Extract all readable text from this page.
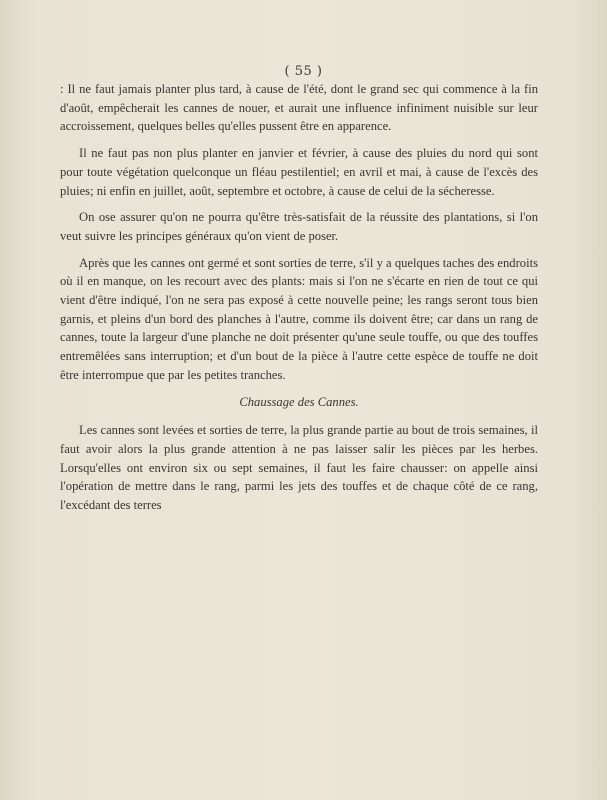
( 55 )

: Il ne faut jamais planter plus tard, à cause de l'été, dont le grand sec qui commence à la fin d'août, empêcherait les cannes de nouer, et aurait une influence infiniment nuisible sur leur accroissement, quelques belles qu'elles pussent être en apparence.

Il ne faut pas non plus planter en janvier et février, à cause des pluies du nord qui sont pour toute végétation quelconque un fléau pestilentiel; en avril et mai, à cause de l'excès des pluies; ni enfin en juillet, août, septembre et octobre, à cause de celui de la sécheresse.

On ose assurer qu'on ne pourra qu'être très-satisfait de la réussite des plantations, si l'on veut suivre les principes généraux qu'on vient de poser.

Après que les cannes ont germé et sont sorties de terre, s'il y a quelques taches des endroits où il en manque, on les recourt avec des plants: mais si l'on ne s'écarte en rien de tout ce qui vient d'être indiqué, l'on ne sera pas exposé à cette nouvelle peine; les rangs seront tous bien garnis, et pleins d'un bord des planches à l'autre, comme ils doivent être; car dans un rang de cannes, toute la largeur d'une planche ne doit présenter qu'une seule touffe, ou que des touffes entremêlées sans interruption; et d'un bout de la pièce à l'autre cette espèce de touffe ne doit être interrompue que par les petites tranches.

Chaussage des Cannes.

Les cannes sont levées et sorties de terre, la plus grande partie au bout de trois semaines, il faut avoir alors la plus grande attention à ne pas laisser salir les pièces par les herbes. Lorsqu'elles ont environ six ou sept semaines, il faut les faire chausser: on appelle ainsi l'opération de mettre dans le rang, parmi les jets des touffes et de chaque côté de ce rang, l'excédant des terres
